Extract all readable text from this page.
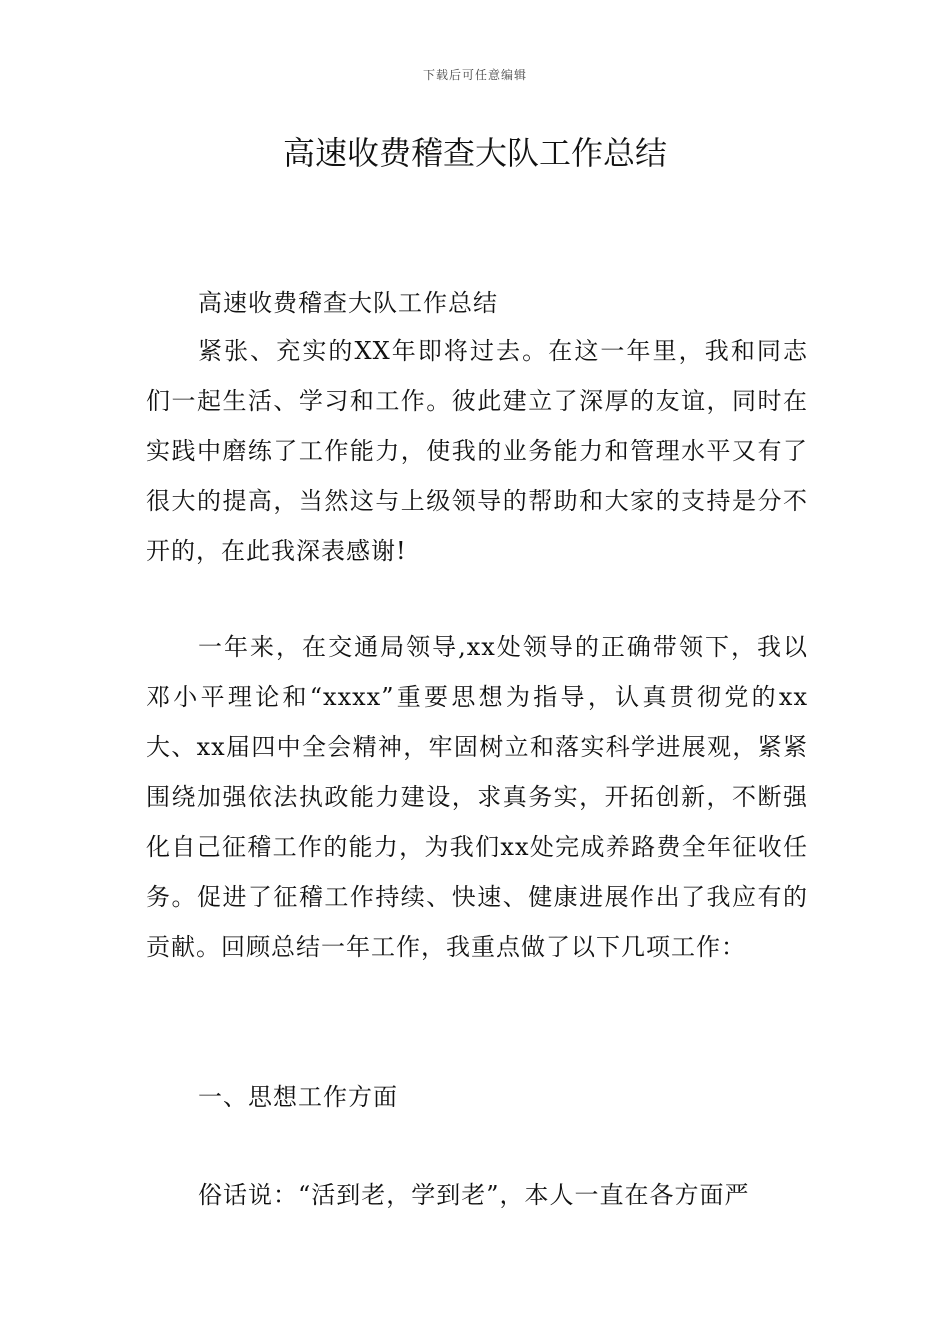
下载后可任意编辑
高速收费稽查大队工作总结

高速收费稽查大队工作总结

紧张、充实的XX年即将过去。在这一年里，我和同志们一起生活、学习和工作。彼此建立了深厚的友谊，同时在实践中磨练了工作能力，使我的业务能力和管理水平又有了很大的提高，当然这与上级领导的帮助和大家的支持是分不开的，在此我深表感谢!

一年来，在交通局领导,xx处领导的正确带领下，我以邓小平理论和“xxxx”重要思想为指导，认真贯彻党的xx大、xx届四中全会精神，牢固树立和落实科学进展观，紧紧围绕加强依法执政能力建设，求真务实，开拓创新，不断强化自己征稽工作的能力，为我们xx处完成养路费全年征收任务。促进了征稽工作持续、快速、健康进展作出了我应有的贡献。回顾总结一年工作，我重点做了以下几项工作：

一、思想工作方面

俗话说：“活到老，学到老”，本人一直在各方面严
